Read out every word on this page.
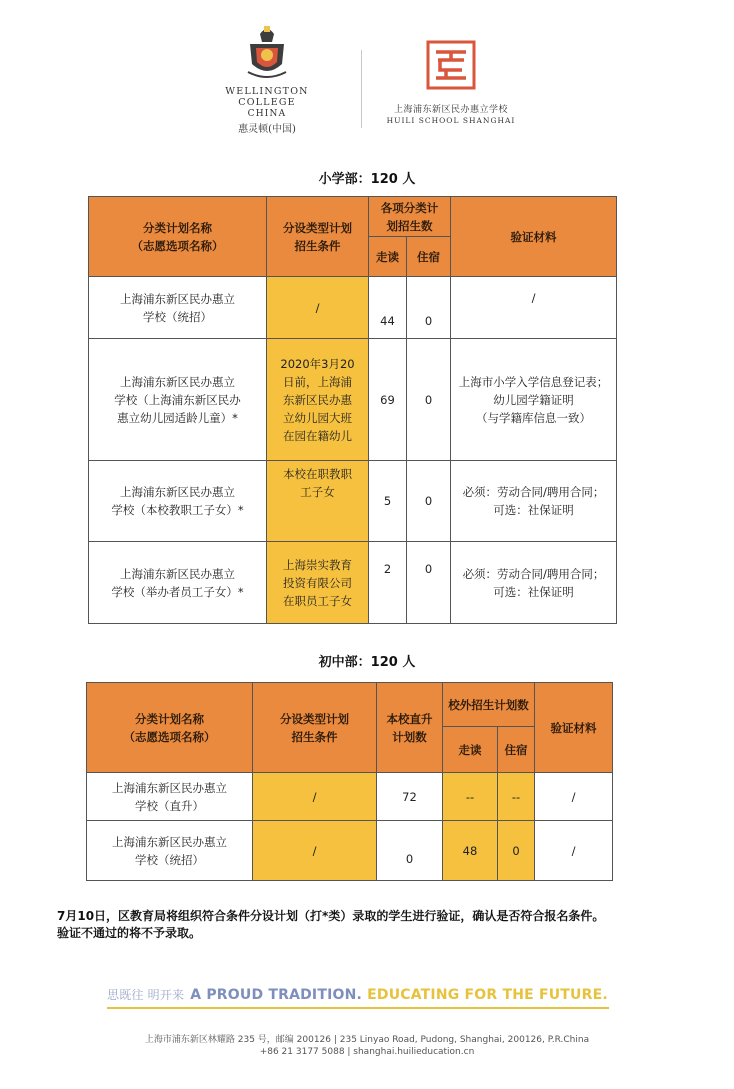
WELLINGTON COLLEGE
CHINA
惠灵顿(中国)
上海浦东新区民办惠立学校
HUILI SCHOOL SHANGHAI
小学部：120 人
分类计划名称
（志愿选项名称）	分设类型计划
招生条件	各项分类计
划招生数		验证材料
		走读	住宿	

上海浦东新区民办惠立
学校（统招）	/	44	0	/

上海浦东新区民办惠立
学校（上海浦东新区民办
惠立幼儿园适龄儿童）*	2020年3月20
日前，上海浦
东新区民办惠
立幼儿园大班
在园在籍幼儿	69	0	上海市小学入学信息登记表；
幼儿园学籍证明
（与学籍库信息一致）

上海浦东新区民办惠立
学校（本校教职工子女）*	本校在职教职
工子女	5	0	必须：劳动合同/聘用合同；
可选：社保证明

上海浦东新区民办惠立
学校（举办者员工子女）*	上海崇实教育
投资有限公司
在职员工子女	2	0	必须：劳动合同/聘用合同；
可选：社保证明
初中部：120 人
分类计划名称
（志愿选项名称）	分设类型计划
招生条件	本校直升
计划数	校外招生计划数		验证材料
			走读	住宿	

上海浦东新区民办惠立
学校（直升）	/	72	--	--	/

上海浦东新区民办惠立
学校（统招）	/	0	48	0	/
7月10日，区教育局将组织符合条件分设计划（打*类）录取的学生进行验证，确认是否符合报名条件。
验证不通过的将不予录取。
思既往 明开来 A PROUD TRADITION. EDUCATING FOR THE FUTURE.
上海市浦东新区林耀路 235 号，邮编 200126 | 235 Linyao Road, Pudong, Shanghai, 200126, P.R.China
+86 21 3177 5088 | shanghai.huilieducation.cn
